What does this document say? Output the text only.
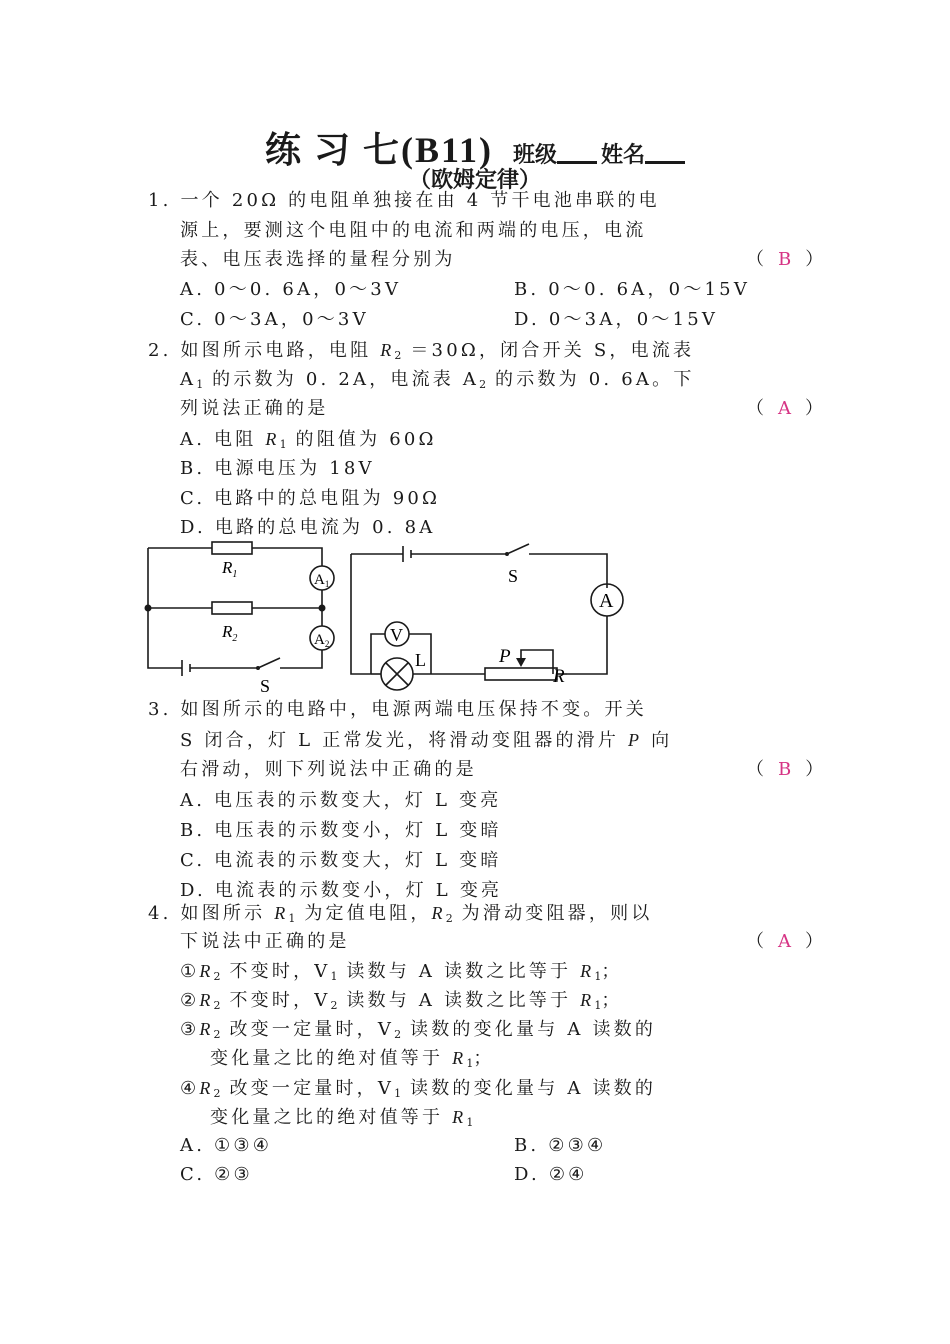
练 习 七(B11) 班级 姓名
（欧姆定律）
1. 一个 20Ω 的电阻单独接在由 4 节干电池串联的电
源上，要测这个电阻中的电流和两端的电压，电流
表、电压表选择的量程分别为	（ B ）
A. 0～0. 6A，0～3V	B. 0～0. 6A，0～15V
C. 0～3A，0～3V	D. 0～3A，0～15V
2. 如图所示电路，电阻 $R_2 =30\Omega$，闭合开关 S，电流表
$A_1$ 的示数为 0. 2A，电流表 $A_2$ 的示数为 0. 6A。下
列说法正确的是	（ A ）
A. 电阻 $R_1$ 的阻值为 60Ω
B. 电源电压为 18V
C. 电路中的总电阻为 90Ω
D. 电路的总电流为 0. 8A
$R_1$
$R_2$
$A_1$
$A_2$
S
S
A
V
L	P
R
3. 如图所示的电路中，电源两端电压保持不变。开关
S 闭合，灯 L 正常发光，将滑动变阻器的滑片 P 向
右滑动，则下列说法中正确的是	（ B ）
A. 电压表的示数变大，灯 L 变亮
B. 电压表的示数变小，灯 L 变暗
C. 电流表的示数变大，灯 L 变暗
D. 电流表的示数变小，灯 L 变亮
4. 如图所示 $R_1$ 为定值电阻，$R_2$ 为滑动变阻器，则以
下说法中正确的是	（ A ）
$①R_2$ 不变时，$V_1$ 读数与 A 读数之比等于 $R_1$；
$②R_2$ 不变时，$V_2$ 读数与 A 读数之比等于 $R_1$；
$③R_2$ 改变一定量时，$V_2$ 读数的变化量与 A 读数的
变化量之比的绝对值等于 $R_1$；
$④R_2$ 改变一定量时，$V_1$ 读数的变化量与 A 读数的
变化量之比的绝对值等于 $R_1$
A. ①③④	B. ②③④
C. ②③	D. ②④
